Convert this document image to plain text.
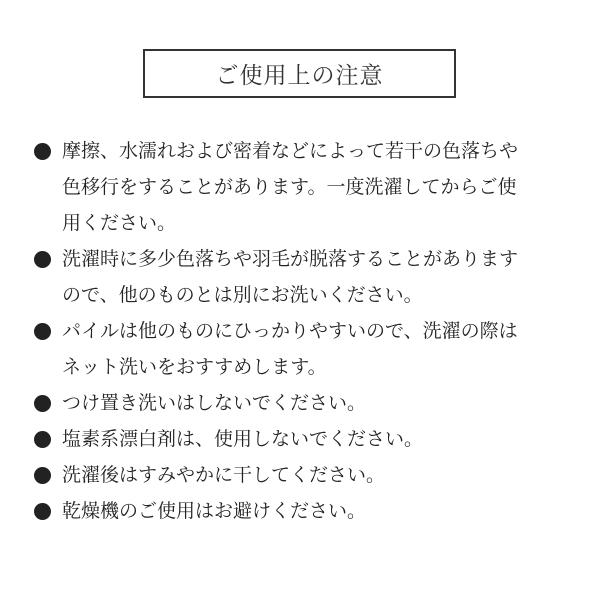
ご使用上の注意
摩擦、水濡れおよび密着などによって若干の色落ちや
色移行をすることがあります。一度洗濯してからご使
用ください。
洗濯時に多少色落ちや羽毛が脱落することがあります
ので、他のものとは別にお洗いください。
パイルは他のものにひっかりやすいので、洗濯の際は
ネット洗いをおすすめします。
つけ置き洗いはしないでください。
塩素系漂白剤は、使用しないでください。
洗濯後はすみやかに干してください。
乾燥機のご使用はお避けください。
